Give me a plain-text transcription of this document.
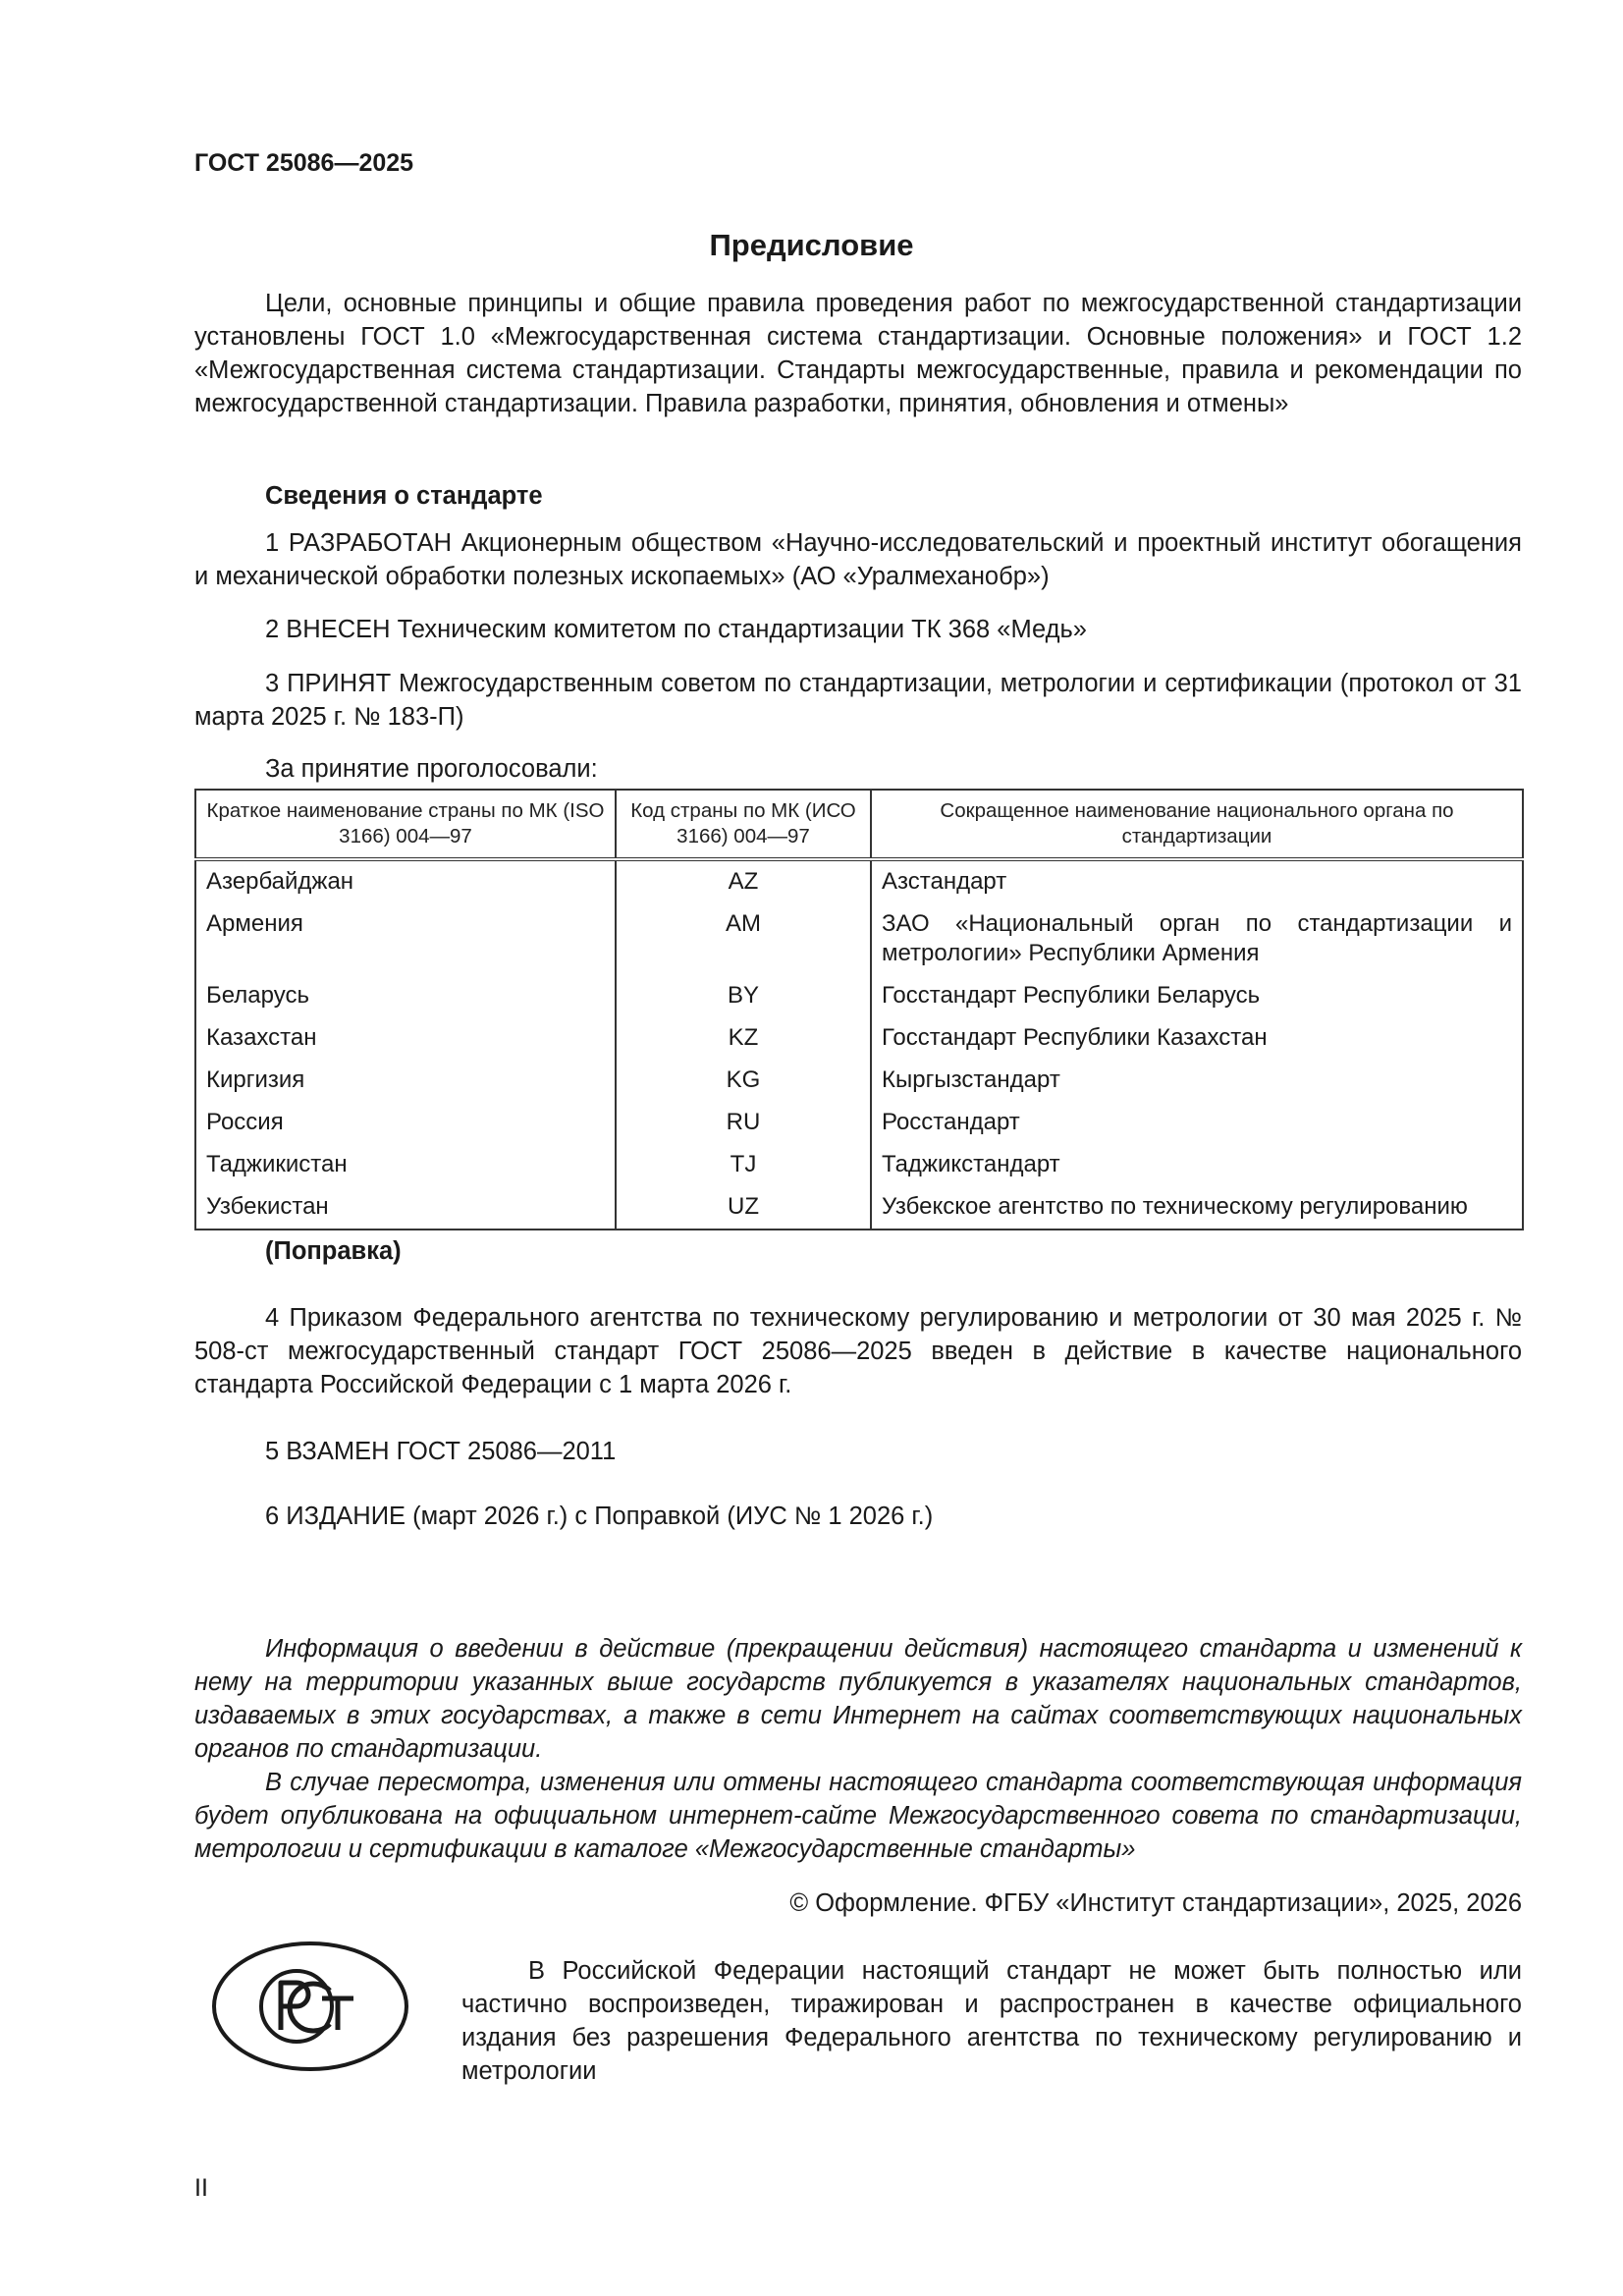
ГОСТ 25086—2025
Предисловие

Цели, основные принципы и общие правила проведения работ по межгосударственной стандартизации установлены ГОСТ 1.0 «Межгосударственная система стандартизации. Основные положения» и ГОСТ 1.2 «Межгосударственная система стандартизации. Стандарты межгосударственные, правила и рекомендации по межгосударственной стандартизации. Правила разработки, принятия, обновления и отмены»

Сведения о стандарте

1 РАЗРАБОТАН Акционерным обществом «Научно-исследовательский и проектный институт обогащения и механической обработки полезных ископаемых» (АО «Уралмеханобр»)

2 ВНЕСЕН Техническим комитетом по стандартизации ТК 368 «Медь»

3 ПРИНЯТ Межгосударственным советом по стандартизации, метрологии и сертификации (протокол от 31 марта 2025 г. № 183-П)

За принятие проголосовали:

Краткое наименование страны по МК (ISO 3166) 004—97	Код страны по МК (ИСО 3166) 004—97	Сокращенное наименование национального органа по стандартизации
Азербайджан	AZ	Азстандарт
Армения	AM	ЗАО «Национальный орган по стандартизации и метрологии» Республики Армения
Беларусь	BY	Госстандарт Республики Беларусь
Казахстан	KZ	Госстандарт Республики Казахстан
Киргизия	KG	Кыргызстандарт
Россия	RU	Росстандарт
Таджикистан	TJ	Таджикстандарт
Узбекистан	UZ	Узбекское агентство по техническому регулированию

(Поправка)

4 Приказом Федерального агентства по техническому регулированию и метрологии от 30 мая 2025 г. № 508-ст межгосударственный стандарт ГОСТ 25086—2025 введен в действие в качестве национального стандарта Российской Федерации с 1 марта 2026 г.

5 ВЗАМЕН ГОСТ 25086—2011

6 ИЗДАНИЕ (март 2026 г.) с Поправкой (ИУС № 1 2026 г.)

Информация о введении в действие (прекращении действия) настоящего стандарта и изменений к нему на территории указанных выше государств публикуется в указателях национальных стандартов, издаваемых в этих государствах, а также в сети Интернет на сайтах соответствующих национальных органов по стандартизации.

В случае пересмотра, изменения или отмены настоящего стандарта соответствующая информация будет опубликована на официальном интернет-сайте Межгосударственного совета по стандартизации, метрологии и сертификации в каталоге «Межгосударственные стандарты»

© Оформление. ФГБУ «Институт стандартизации», 2025, 2026

В Российской Федерации настоящий стандарт не может быть полностью или частично воспроизведен, тиражирован и распространен в качестве официального издания без разрешения Федерального агентства по техническому регулированию и метрологии

II
